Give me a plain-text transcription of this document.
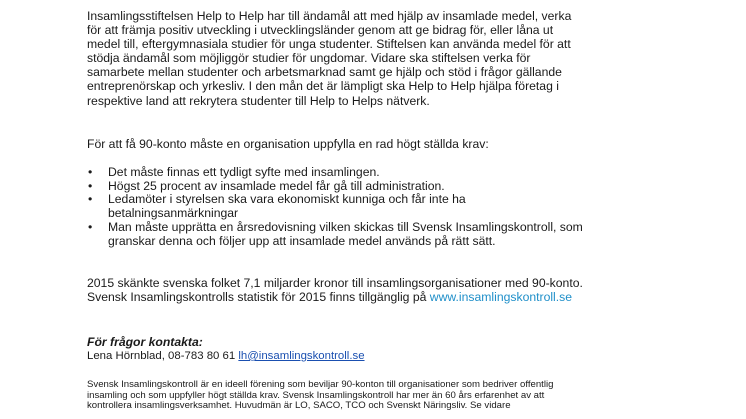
Insamlingsstiftelsen Help to Help har till ändamål att med hjälp av insamlade medel, verka
för att främja positiv utveckling i utvecklingsländer genom att ge bidrag för, eller låna ut
medel till, eftergymnasiala studier för unga studenter. Stiftelsen kan använda medel för att
stödja ändamål som möjliggör studier för ungdomar. Vidare ska stiftelsen verka för
samarbete mellan studenter och arbetsmarknad samt ge hjälp och stöd i frågor gällande
entreprenörskap och yrkesliv. I den mån det är lämpligt ska Help to Help hjälpa företag i
respektive land att rekrytera studenter till Help to Helps nätverk.

För att få 90-konto måste en organisation uppfylla en rad högt ställda krav:

• Det måste finnas ett tydligt syfte med insamlingen.
• Högst 25 procent av insamlade medel får gå till administration.
• Ledamöter i styrelsen ska vara ekonomiskt kunniga och får inte ha
betalningsanmärkningar
• Man måste upprätta en årsredovisning vilken skickas till Svensk Insamlingskontroll, som
granskar denna och följer upp att insamlade medel används på rätt sätt.

2015 skänkte svenska folket 7,1 miljarder kronor till insamlingsorganisationer med 90-konto.
Svensk Insamlingskontrolls statistik för 2015 finns tillgänglig på www.insamlingskontroll.se

För frågor kontakta:

Lena Hörnblad, 08-783 80 61 lh@insamlingskontroll.se

Svensk Insamlingskontroll är en ideell förening som beviljar 90-konton till organisationer som bedriver offentlig
insamling och som uppfyller högt ställda krav. Svensk Insamlingskontroll har mer än 60 års erfarenhet av att
kontrollera insamlingsverksamhet. Huvudmän är LO, SACO, TCO och Svenskt Näringsliv. Se vidare
